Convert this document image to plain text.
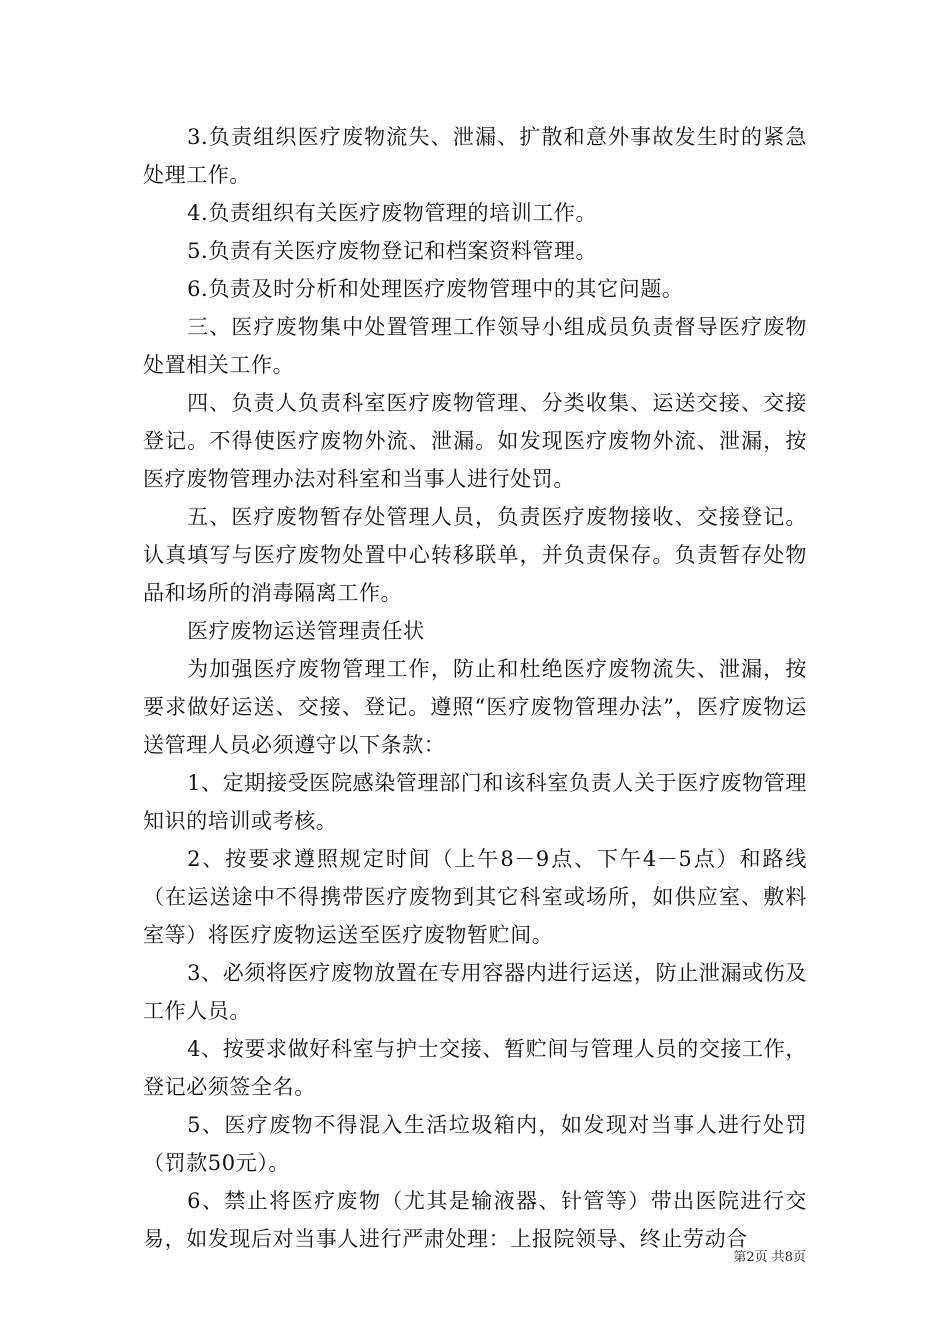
3.负责组织医疗废物流失、泄漏、扩散和意外事故发生时的紧急处理工作。

4.负责组织有关医疗废物管理的培训工作。

5.负责有关医疗废物登记和档案资料管理。

6.负责及时分析和处理医疗废物管理中的其它问题。

三、医疗废物集中处置管理工作领导小组成员负责督导医疗废物处置相关工作。

四、负责人负责科室医疗废物管理、分类收集、运送交接、交接登记。不得使医疗废物外流、泄漏。如发现医疗废物外流、泄漏，按医疗废物管理办法对科室和当事人进行处罚。

五、医疗废物暂存处管理人员，负责医疗废物接收、交接登记。认真填写与医疗废物处置中心转移联单，并负责保存。负责暂存处物品和场所的消毒隔离工作。

医疗废物运送管理责任状

为加强医疗废物管理工作，防止和杜绝医疗废物流失、泄漏，按要求做好运送、交接、登记。遵照“医疗废物管理办法”，医疗废物运送管理人员必须遵守以下条款：

1、定期接受医院感染管理部门和该科室负责人关于医疗废物管理知识的培训或考核。

2、按要求遵照规定时间（上午8－9点、下午4－5点）和路线（在运送途中不得携带医疗废物到其它科室或场所，如供应室、敷料室等）将医疗废物运送至医疗废物暂贮间。

3、必须将医疗废物放置在专用容器内进行运送，防止泄漏或伤及工作人员。

4、按要求做好科室与护士交接、暂贮间与管理人员的交接工作，登记必须签全名。

5、医疗废物不得混入生活垃圾箱内，如发现对当事人进行处罚（罚款50元）。

6、禁止将医疗废物（尤其是输液器、针管等）带出医院进行交易，如发现后对当事人进行严肃处理：上报院领导、终止劳动合

第2页 共8页
